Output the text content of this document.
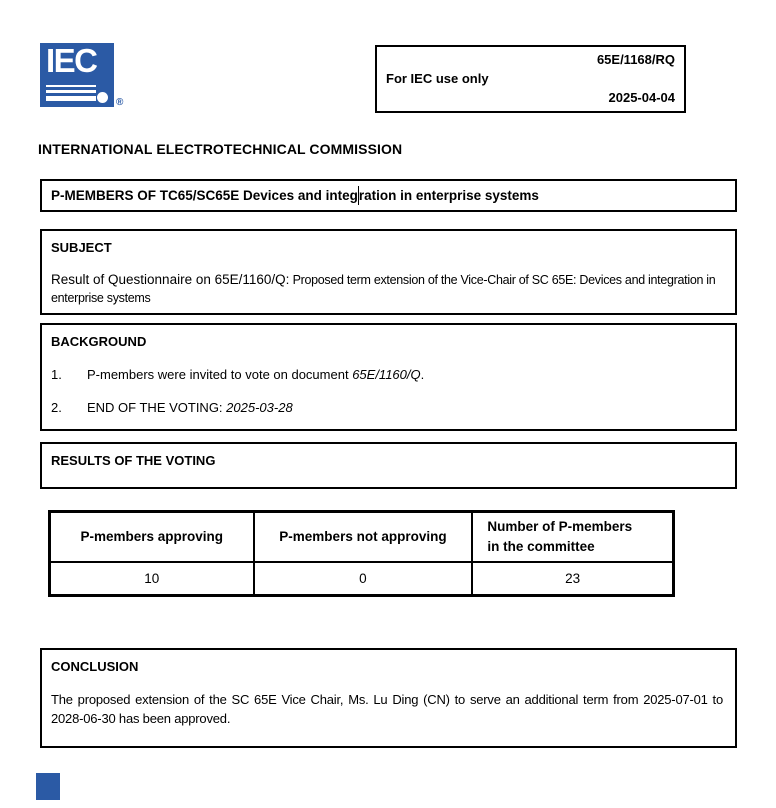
IEC
®
65E/1168/RQ
For IEC use only
2025-04-04
INTERNATIONAL ELECTROTECHNICAL COMMISSION
P-MEMBERS OF TC65/SC65E Devices and integ ration in enterprise systems
SUBJECT
Result of Questionnaire on 65E/1160/Q: Proposed term extension of the Vice-Chair of SC 65E: Devices and integration in enterprise systems
BACKGROUND
1.	P-members were invited to vote on document 65E/1160/Q.
2.	END OF THE VOTING: 2025-03-28
RESULTS OF THE VOTING
P-members approving	P-members not approving	Number of P-members
in the committee
10	0	23
CONCLUSION
The proposed extension of the SC 65E Vice Chair, Ms. Lu Ding (CN) to serve an additional term from 2025-07-01 to 2028-06-30 has been approved.
